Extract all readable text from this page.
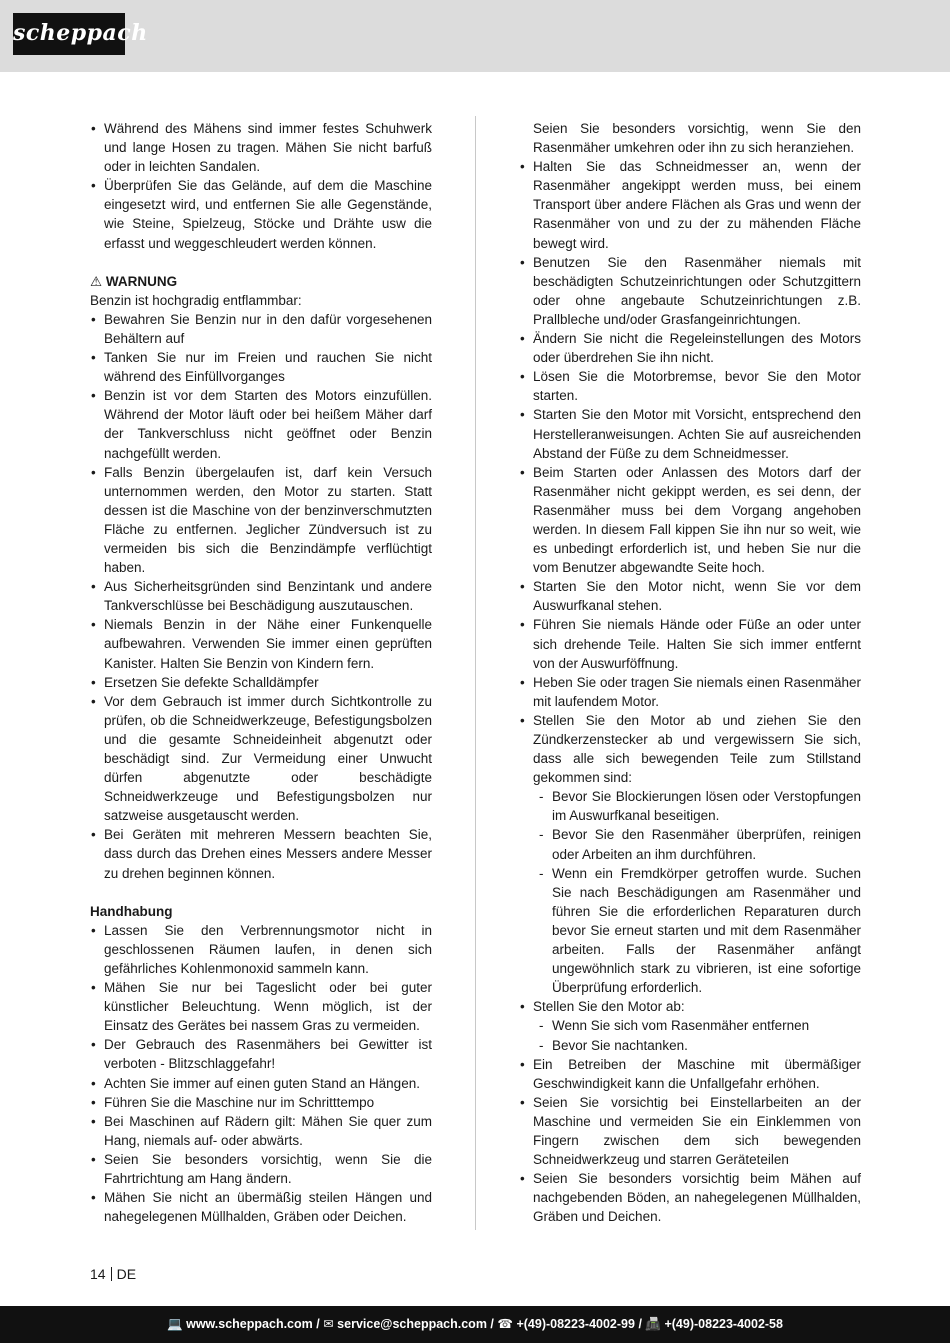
scheppach
• Während des Mähens sind immer festes Schuhwerk und lange Hosen zu tragen. Mähen Sie nicht barfuß oder in leichten Sandalen.
• Überprüfen Sie das Gelände, auf dem die Maschine eingesetzt wird, und entfernen Sie alle Gegenstände, wie Steine, Spielzeug, Stöcke und Drähte usw die erfasst und weggeschleudert werden können.
⚠ WARNUNG
Benzin ist hochgradig entflammbar:
• Bewahren Sie Benzin nur in den dafür vorgesehenen Behältern auf
• Tanken Sie nur im Freien und rauchen Sie nicht während des Einfüllvorganges
• Benzin ist vor dem Starten des Motors einzufüllen. Während der Motor läuft oder bei heißem Mäher darf der Tankverschluss nicht geöffnet oder Benzin nachgefüllt werden.
• Falls Benzin übergelaufen ist, darf kein Versuch unternommen werden, den Motor zu starten. Statt dessen ist die Maschine von der benzinverschmutzten Fläche zu entfernen. Jeglicher Zündversuch ist zu vermeiden bis sich die Benzindämpfe verflüchtigt haben.
• Aus Sicherheitsgründen sind Benzintank und andere Tankverschlüsse bei Beschädigung auszutauschen.
• Niemals Benzin in der Nähe einer Funkenquelle aufbewahren. Verwenden Sie immer einen geprüften Kanister. Halten Sie Benzin von Kindern fern.
• Ersetzen Sie defekte Schalldämpfer
• Vor dem Gebrauch ist immer durch Sichtkontrolle zu prüfen, ob die Schneidwerkzeuge, Befestigungsbolzen und die gesamte Schneideinheit abgenutzt oder beschädigt sind. Zur Vermeidung einer Unwucht dürfen abgenutzte oder beschädigte Schneidwerkzeuge und Befestigungsbolzen nur satzweise ausgetauscht werden.
• Bei Geräten mit mehreren Messern beachten Sie, dass durch das Drehen eines Messers andere Messer zu drehen beginnen können.
Handhabung
• Lassen Sie den Verbrennungsmotor nicht in geschlossenen Räumen laufen, in denen sich gefährliches Kohlenmonoxid sammeln kann.
• Mähen Sie nur bei Tageslicht oder bei guter künstlicher Beleuchtung. Wenn möglich, ist der Einsatz des Gerätes bei nassem Gras zu vermeiden.
• Der Gebrauch des Rasenmähers bei Gewitter ist verboten - Blitzschlaggefahr!
• Achten Sie immer auf einen guten Stand an Hängen.
• Führen Sie die Maschine nur im Schritttempo
• Bei Maschinen auf Rädern gilt: Mähen Sie quer zum Hang, niemals auf- oder abwärts.
• Seien Sie besonders vorsichtig, wenn Sie die Fahrtrichtung am Hang ändern.
• Mähen Sie nicht an übermäßig steilen Hängen und nahegelegenen Müllhalden, Gräben oder Deichen.
Seien Sie besonders vorsichtig, wenn Sie den Rasenmäher umkehren oder ihn zu sich heranziehen.
• Halten Sie das Schneidmesser an, wenn der Rasenmäher angekippt werden muss, bei einem Transport über andere Flächen als Gras und wenn der Rasenmäher von und zu der zu mähenden Fläche bewegt wird.
• Benutzen Sie den Rasenmäher niemals mit beschädigten Schutzeinrichtungen oder Schutzgittern oder ohne angebaute Schutzeinrichtungen z.B. Prallbleche und/oder Grasfangeinrichtungen.
• Ändern Sie nicht die Regeleinstellungen des Motors oder überdrehen Sie ihn nicht.
• Lösen Sie die Motorbremse, bevor Sie den Motor starten.
• Starten Sie den Motor mit Vorsicht, entsprechend den Herstelleranweisungen. Achten Sie auf ausreichenden Abstand der Füße zu dem Schneidmesser.
• Beim Starten oder Anlassen des Motors darf der Rasenmäher nicht gekippt werden, es sei denn, der Rasenmäher muss bei dem Vorgang angehoben werden. In diesem Fall kippen Sie ihn nur so weit, wie es unbedingt erforderlich ist, und heben Sie nur die vom Benutzer abgewandte Seite hoch.
• Starten Sie den Motor nicht, wenn Sie vor dem Auswurfkanal stehen.
• Führen Sie niemals Hände oder Füße an oder unter sich drehende Teile. Halten Sie sich immer entfernt von der Auswurföffnung.
• Heben Sie oder tragen Sie niemals einen Rasenmäher mit laufendem Motor.
• Stellen Sie den Motor ab und ziehen Sie den Zündkerzenstecker ab und vergewissern Sie sich, dass alle sich bewegenden Teile zum Stillstand gekommen sind:
- Bevor Sie Blockierungen lösen oder Verstopfungen im Auswurfkanal beseitigen.
- Bevor Sie den Rasenmäher überprüfen, reinigen oder Arbeiten an ihm durchführen.
- Wenn ein Fremdkörper getroffen wurde. Suchen Sie nach Beschädigungen am Rasenmäher und führen Sie die erforderlichen Reparaturen durch bevor Sie erneut starten und mit dem Rasenmäher arbeiten. Falls der Rasenmäher anfängt ungewöhnlich stark zu vibrieren, ist eine sofortige Überprüfung erforderlich.
• Stellen Sie den Motor ab:
- Wenn Sie sich vom Rasenmäher entfernen
- Bevor Sie nachtanken.
• Ein Betreiben der Maschine mit übermäßiger Geschwindigkeit kann die Unfallgefahr erhöhen.
• Seien Sie vorsichtig bei Einstellarbeiten an der Maschine und vermeiden Sie ein Einklemmen von Fingern zwischen dem sich bewegenden Schneidwerkzeug und starren Geräteteilen
• Seien Sie besonders vorsichtig beim Mähen auf nachgebenden Böden, an nahegelegenen Müllhalden, Gräben und Deichen.
14 DE
💻 www.scheppach.com / ✉ service@scheppach.com / ☎ +(49)-08223-4002-99 / 📠 +(49)-08223-4002-58
